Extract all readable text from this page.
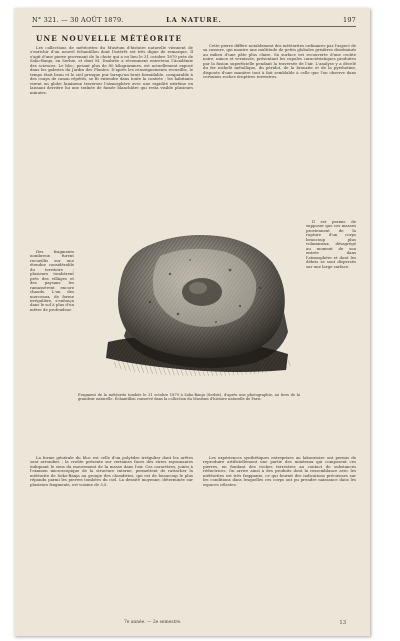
N° 321. — 30 AOÛT 1879.	LA NATURE.	197
UNE NOUVELLE MÉTÉORITE

Les collections de météorites du Muséum d'histoire naturelle viennent de s'enrichir d'un nouvel échantillon dont l'intérêt est très digne de remarque. Il s'agit d'une pierre provenant de la chute qui a eu lieu le 31 octobre 1879 près de Soko-Banja, en Serbie, et dont M. Daubrée a récemment entretenu l'Académie des sciences. Le bloc, pesant plus de 80 kilogrammes, est actuellement exposé dans les galeries du Jardin des Plantes. D'après les renseignements recueillis, le temps était beau et le ciel presque pur lorsqu'un bruit formidable, comparable à des coups de canon répétés, se fit entendre dans toute la contrée ; les habitants virent un globe lumineux traverser l'atmosphère avec une rapidité extrême en laissant derrière lui une traînée de fumée blanchâtre qui resta visible plusieurs minutes.

Des fragments nombreux furent recueillis sur une étendue considérable du territoire ; plusieurs tombèrent près des villages et des paysans les ramassèrent encore chauds. L'un des morceaux, de forme irrégulière, s'enfonça dans le sol à plus d'un mètre de profondeur.

Cette pierre diffère notablement des météorites ordinaires par l'aspect de sa cassure, qui montre une multitude de petits globules grisâtres disséminés au milieu d'une pâte plus claire. Sa surface est recouverte d'une croûte noire, mince et vernissée, présentant les cupules caractéristiques produites par la fusion superficielle pendant la traversée de l'air. L'analyse y a décelé du fer nickelé métallique, du péridot, de la bronzite et de la pyrrhotine, disposés d'une manière tout à fait semblable à celle que l'on observe dans certaines roches éruptives terrestres.

Il est permis de supposer que ces masses proviennent de la rupture d'un corps beaucoup plus volumineux, désagrégé au moment de son entrée dans l'atmosphère et dont les débris se sont dispersés sur une large surface.

Fragment de la météorite tombée le 31 octobre 1879 à Soko-Banja (Serbie), d'après une photographie, au tiers de la grandeur naturelle. Échantillon conservé dans la collection du Muséum d'histoire naturelle de Paris.

La forme générale du bloc est celle d'un polyèdre irrégulier dont les arêtes sont arrondies ; la croûte présente sur certaines faces des stries rayonnantes indiquant le sens du mouvement de la masse dans l'air. Ces caractères, joints à l'examen microscopique de la structure interne, permettent de rattacher la météorite de Soko-Banja au groupe des chondrites, qui est de beaucoup le plus répandu parmi les pierres tombées du ciel. La densité moyenne, déterminée sur plusieurs fragments, est voisine de 3,5.

Les expériences synthétiques entreprises au laboratoire ont permis de reproduire artificiellement une partie des minéraux qui composent ces pierres, en fondant des roches terrestres au contact de substances réductrices. On arrive ainsi à des produits dont la ressemblance avec les météorites est très frappante, ce qui fournit des indications précieuses sur les conditions dans lesquelles ces corps ont pu prendre naissance dans les espaces célestes.

7e année. — 2e semestre.	13
